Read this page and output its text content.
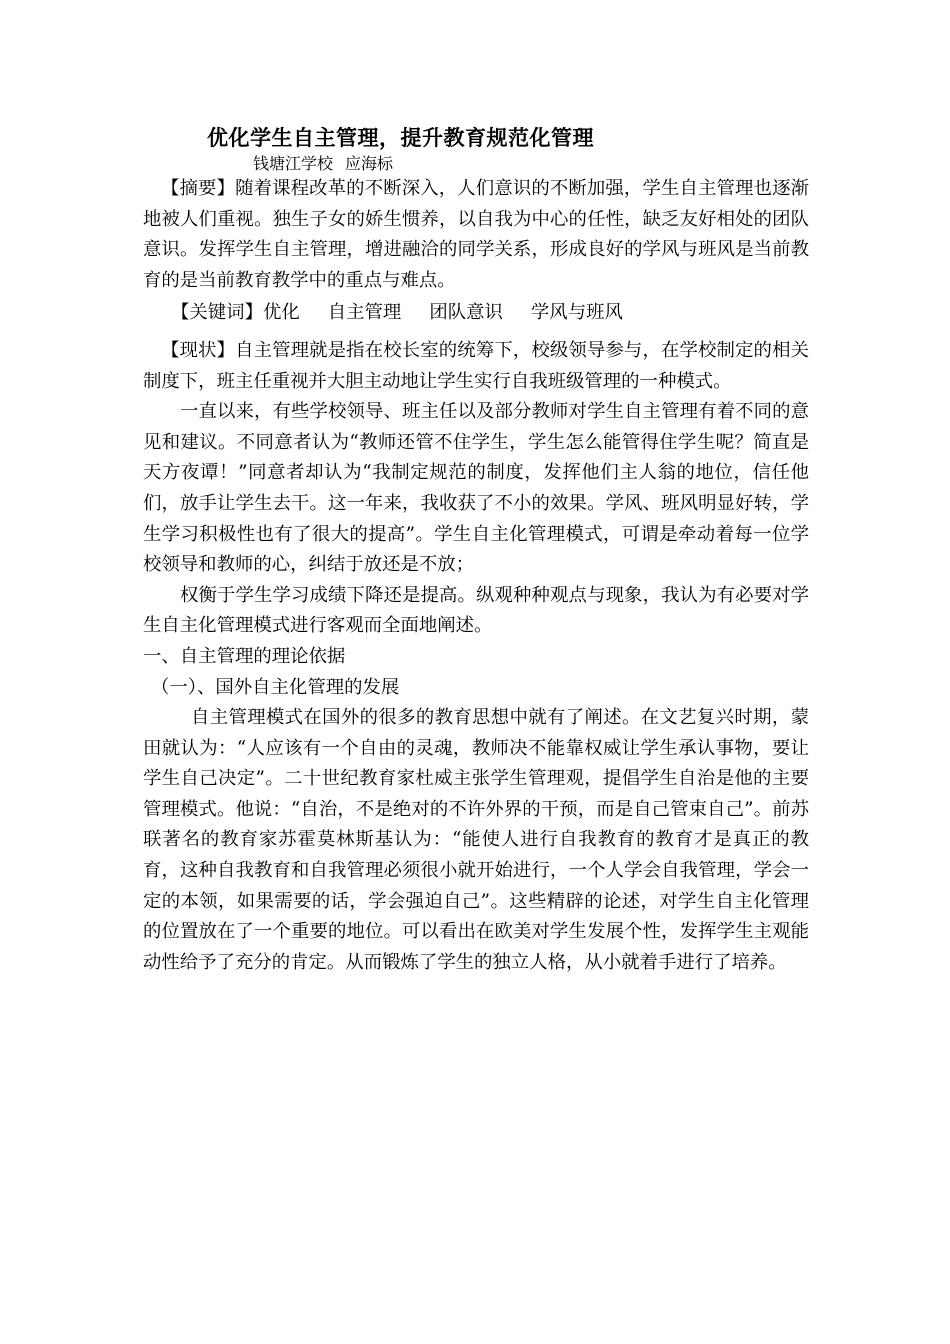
优化学生自主管理，提升教育规范化管理
钱塘江学校 应海标

【摘要】随着课程改革的不断深入，人们意识的不断加强，学生自主管理也逐渐地被人们重视。独生子女的娇生惯养，以自我为中心的任性，缺乏友好相处的团队意识。发挥学生自主管理，增进融洽的同学关系，形成良好的学风与班风是当前教育的是当前教育教学中的重点与难点。

【关键词】优化 自主管理 团队意识 学风与班风

【现状】自主管理就是指在校长室的统筹下，校级领导参与，在学校制定的相关制度下，班主任重视并大胆主动地让学生实行自我班级管理的一种模式。

一直以来，有些学校领导、班主任以及部分教师对学生自主管理有着不同的意见和建议。不同意者认为“教师还管不住学生，学生怎么能管得住学生呢？简直是天方夜谭！”同意者却认为“我制定规范的制度，发挥他们主人翁的地位，信任他们，放手让学生去干。这一年来，我收获了不小的效果。学风、班风明显好转，学生学习积极性也有了很大的提高”。学生自主化管理模式，可谓是牵动着每一位学校领导和教师的心，纠结于放还是不放；

权衡于学生学习成绩下降还是提高。纵观种种观点与现象，我认为有必要对学生自主化管理模式进行客观而全面地阐述。

一、自主管理的理论依据

（一）、国外自主化管理的发展

自主管理模式在国外的很多的教育思想中就有了阐述。在文艺复兴时期，蒙田就认为：“人应该有一个自由的灵魂，教师决不能靠权威让学生承认事物，要让学生自己决定”。二十世纪教育家杜威主张学生管理观，提倡学生自治是他的主要管理模式。他说：“自治，不是绝对的不许外界的干预，而是自己管束自己”。前苏联著名的教育家苏霍莫林斯基认为：“能使人进行自我教育的教育才是真正的教育，这种自我教育和自我管理必须很小就开始进行，一个人学会自我管理，学会一定的本领，如果需要的话，学会强迫自己”。这些精辟的论述，对学生自主化管理的位置放在了一个重要的地位。可以看出在欧美对学生发展个性，发挥学生主观能动性给予了充分的肯定。从而锻炼了学生的独立人格，从小就着手进行了培养。
